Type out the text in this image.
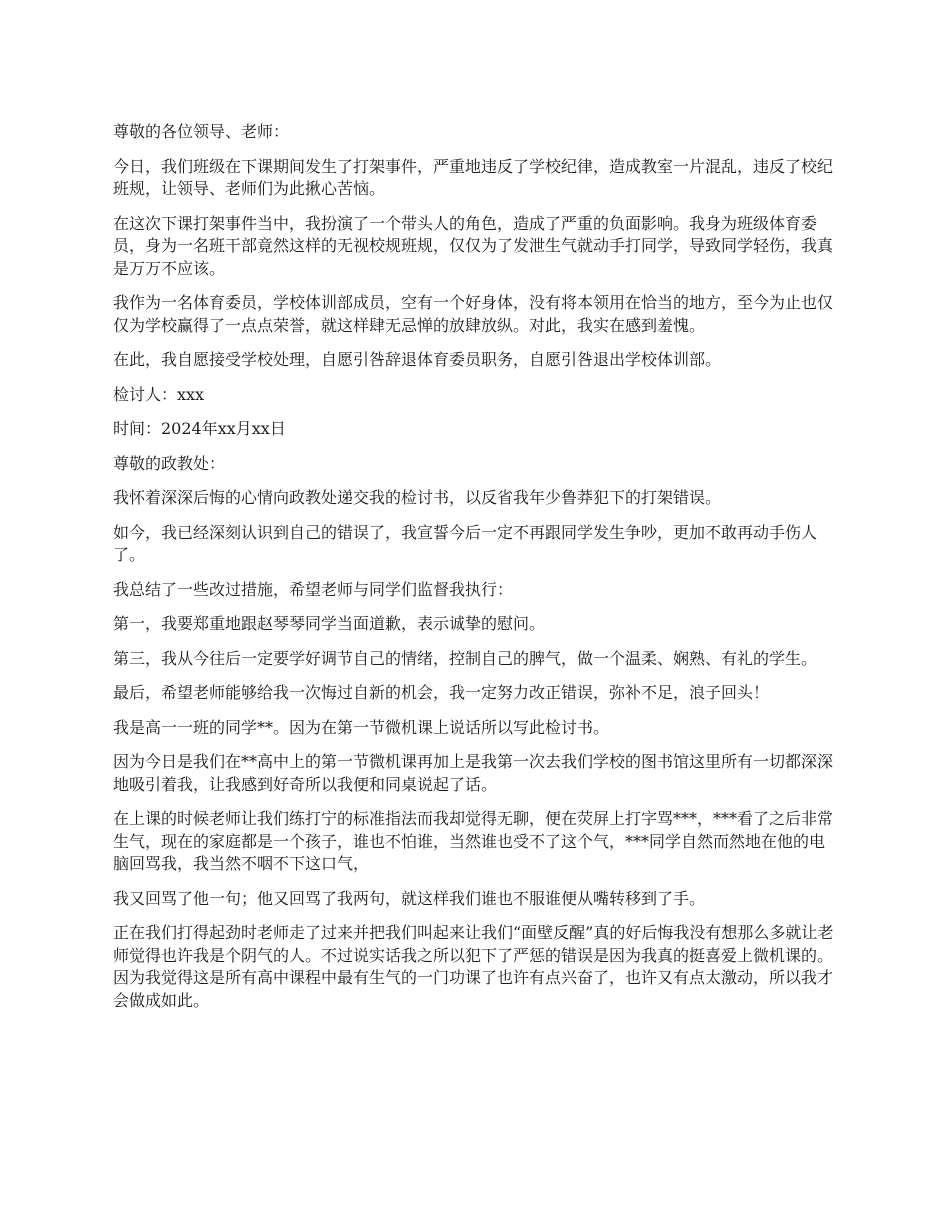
尊敬的各位领导、老师：

今日，我们班级在下课期间发生了打架事件，严重地违反了学校纪律，造成教室一片混乱，违反了校纪班规，让领导、老师们为此揪心苦恼。

在这次下课打架事件当中，我扮演了一个带头人的角色，造成了严重的负面影响。我身为班级体育委员，身为一名班干部竟然这样的无视校规班规，仅仅为了发泄生气就动手打同学，导致同学轻伤，我真是万万不应该。

我作为一名体育委员，学校体训部成员，空有一个好身体，没有将本领用在恰当的地方，至今为止也仅仅为学校赢得了一点点荣誉，就这样肆无忌惮的放肆放纵。对此，我实在感到羞愧。

在此，我自愿接受学校处理，自愿引咎辞退体育委员职务，自愿引咎退出学校体训部。

检讨人：xxx

时间：2024年xx月xx日

尊敬的政教处：

我怀着深深后悔的心情向政教处递交我的检讨书，以反省我年少鲁莽犯下的打架错误。

如今，我已经深刻认识到自己的错误了，我宣誓今后一定不再跟同学发生争吵，更加不敢再动手伤人了。

我总结了一些改过措施，希望老师与同学们监督我执行：

第一，我要郑重地跟赵琴琴同学当面道歉，表示诚挚的慰问。

第三，我从今往后一定要学好调节自己的情绪，控制自己的脾气，做一个温柔、娴熟、有礼的学生。

最后，希望老师能够给我一次悔过自新的机会，我一定努力改正错误，弥补不足，浪子回头！

我是高一一班的同学**。因为在第一节微机课上说话所以写此检讨书。

因为今日是我们在**高中上的第一节微机课再加上是我第一次去我们学校的图书馆这里所有一切都深深地吸引着我，让我感到好奇所以我便和同桌说起了话。

在上课的时候老师让我们练打宁的标准指法而我却觉得无聊，便在荧屏上打字骂***，***看了之后非常生气，现在的家庭都是一个孩子，谁也不怕谁，当然谁也受不了这个气，***同学自然而然地在他的电脑回骂我，我当然不咽不下这口气，

我又回骂了他一句；他又回骂了我两句，就这样我们谁也不服谁便从嘴转移到了手。

正在我们打得起劲时老师走了过来并把我们叫起来让我们“面壁反醒”真的好后悔我没有想那么多就让老师觉得也许我是个阴气的人。不过说实话我之所以犯下了严惩的错误是因为我真的挺喜爱上微机课的。因为我觉得这是所有高中课程中最有生气的一门功课了也许有点兴奋了，也许又有点太激动，所以我才会做成如此。
